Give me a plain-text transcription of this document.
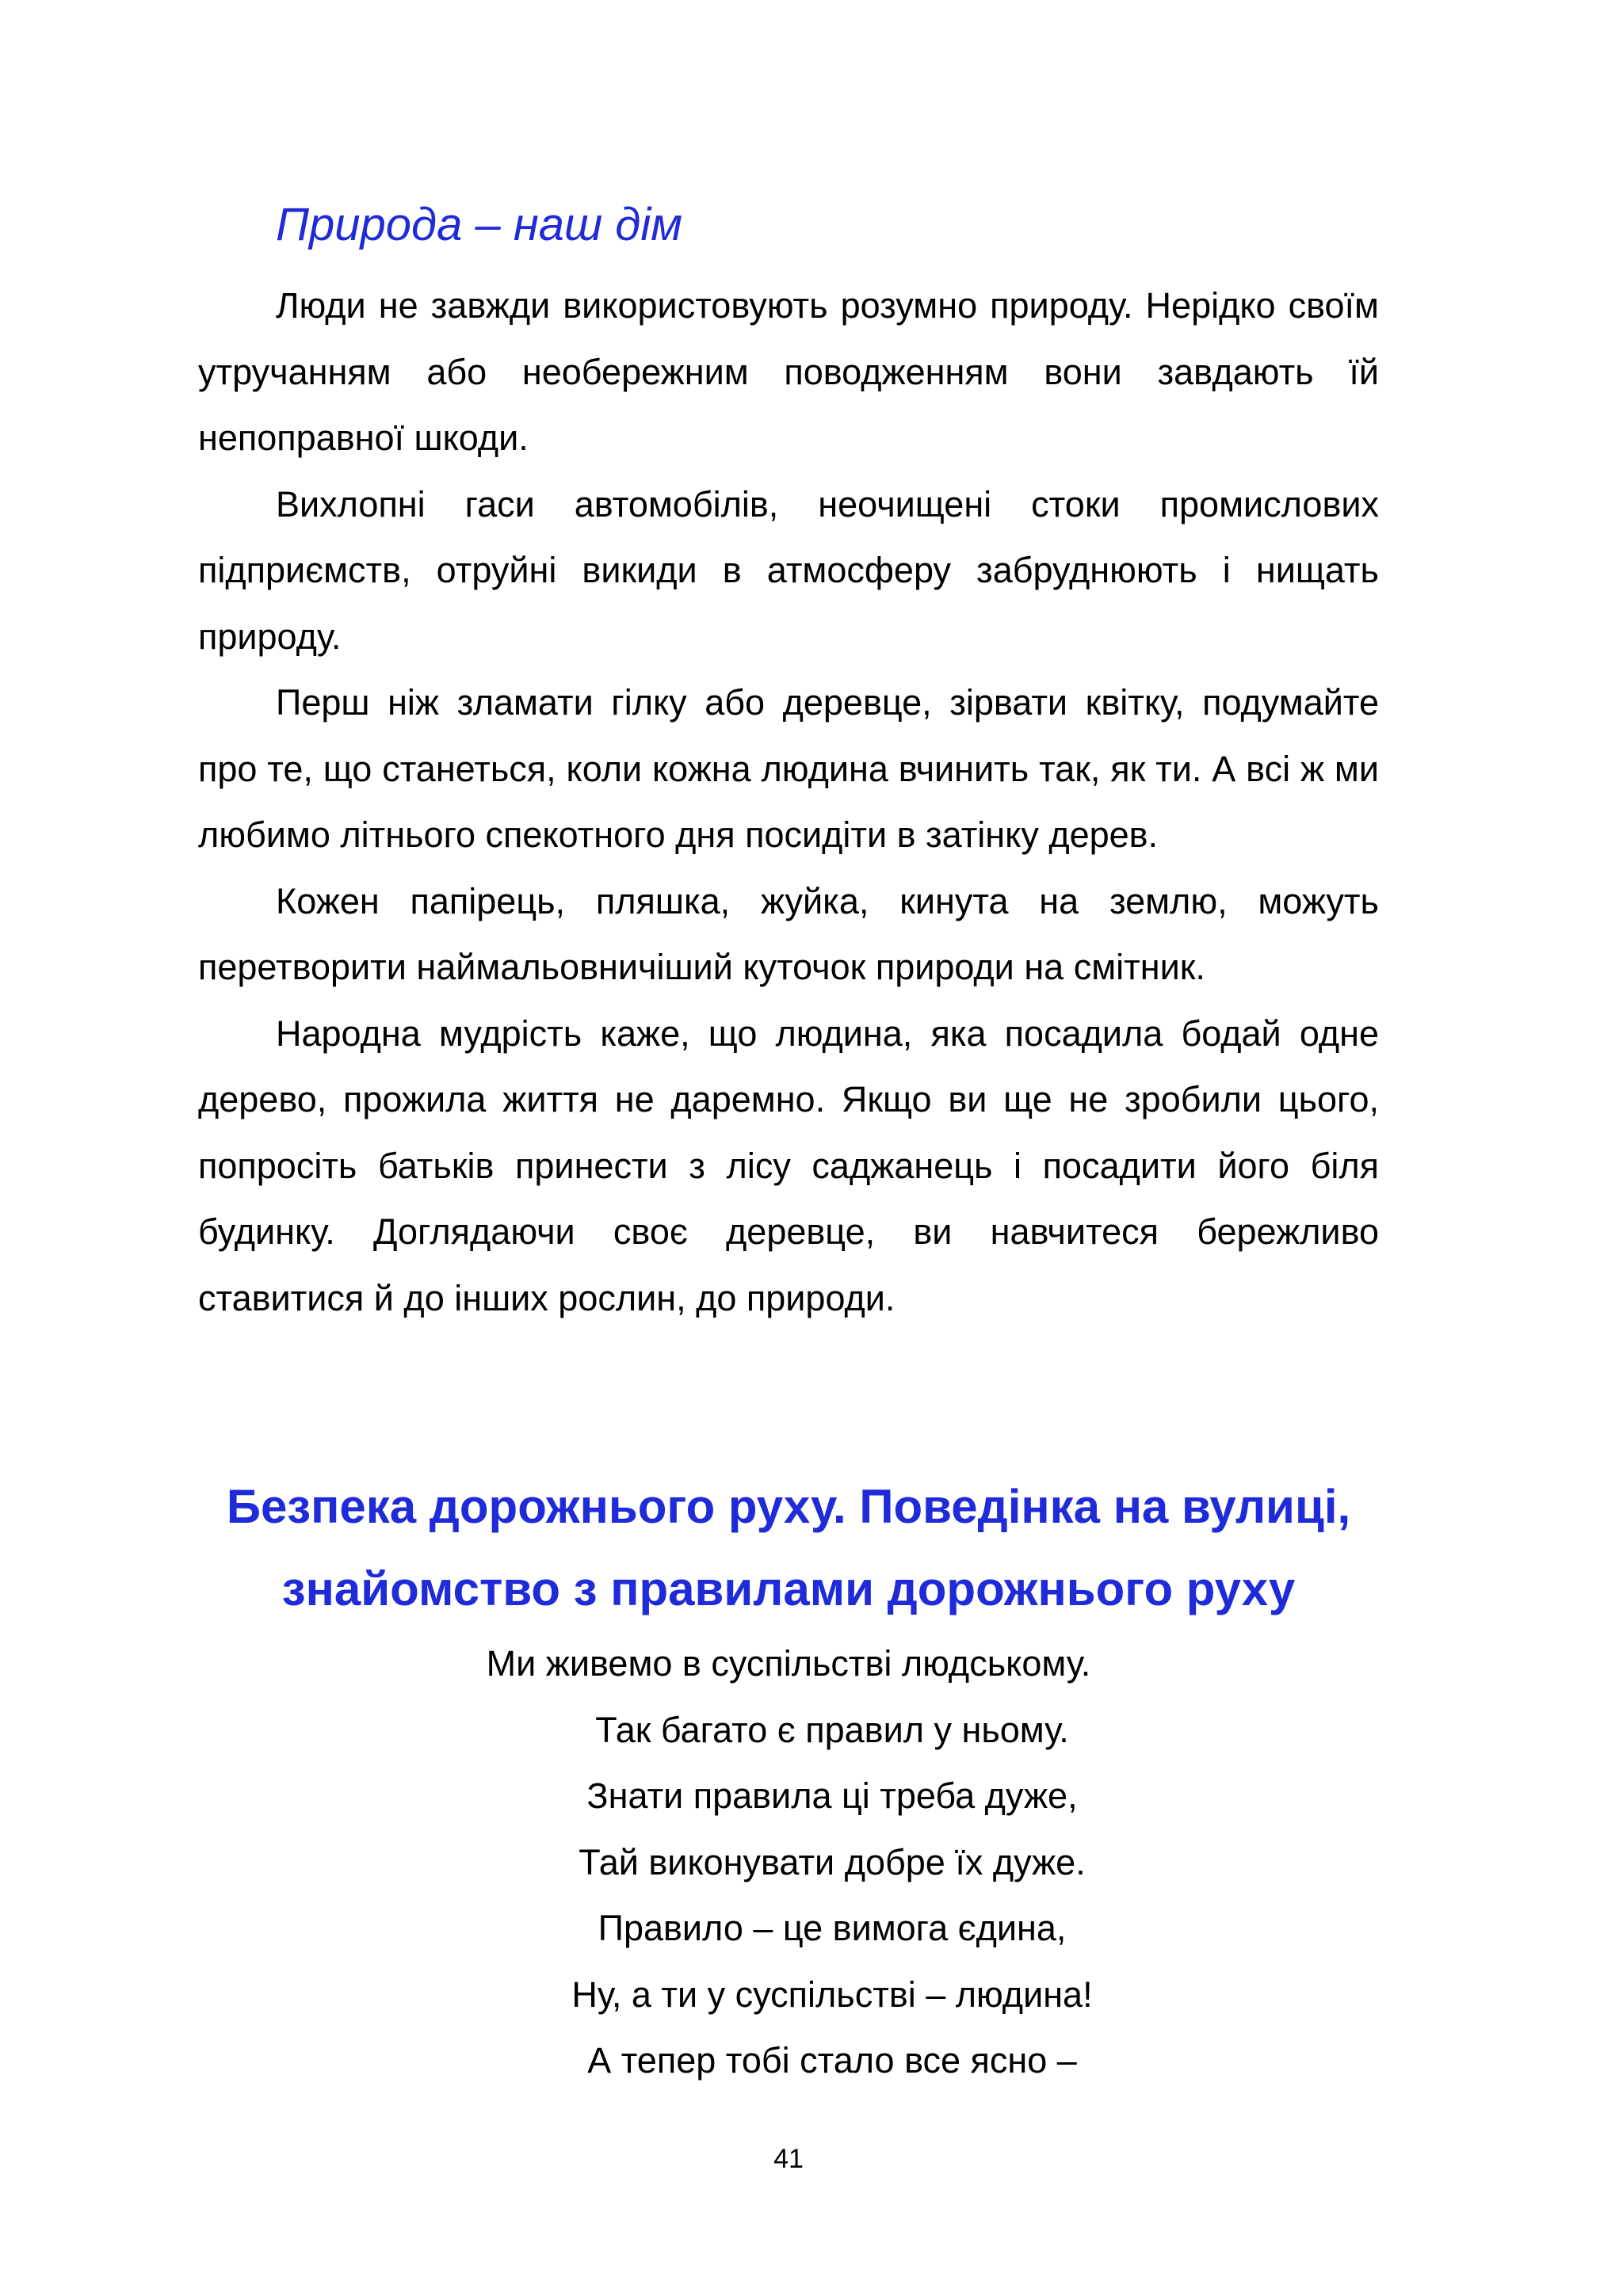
Природа – наш дім

Люди не завжди використовують розумно природу. Нерідко своїм утручанням або необережним поводженням вони завдають їй непоправної шкоди.

Вихлопні гаси автомобілів, неочищені стоки промислових підприємств, отруйні викиди в атмосферу забруднюють і нищать природу.

Перш ніж зламати гілку або деревце, зірвати квітку, подумайте про те, що станеться, коли кожна людина вчинить так, як ти. А всі ж ми любимо літнього спекотного дня посидіти в затінку дерев.

Кожен папірець, пляшка, жуйка, кинута на землю, можуть перетворити наймальовничіший куточок природи на смітник.

Народна мудрість каже, що людина, яка посадила бодай одне дерево, прожила життя не даремно. Якщо ви ще не зробили цього, попросіть батьків принести з лісу саджанець і посадити його біля будинку. Доглядаючи своє деревце, ви навчитеся бережливо ставитися й до інших рослин, до природи.

Безпека дорожнього руху. Поведінка на вулиці,
знайомство з правилами дорожнього руху
Ми живемо в суспільстві людському.
Так багато є правил у ньому.
Знати правила ці треба дуже,
Тай виконувати добре їх дуже.
Правило – це вимога єдина,
Ну, а ти у суспільстві – людина!
А тепер тобі стало все ясно –
41
